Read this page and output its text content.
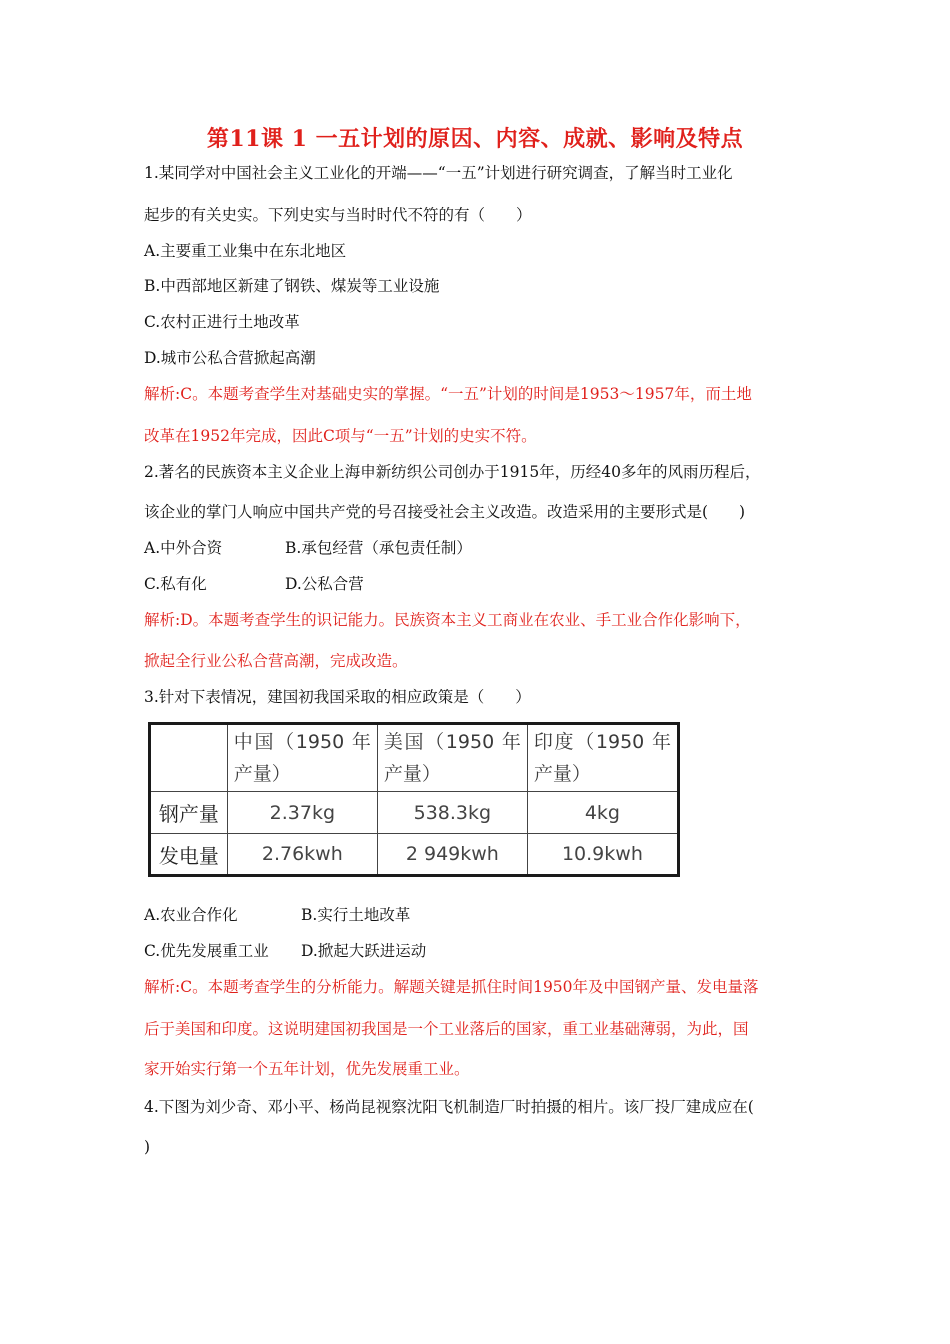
第11课 1 一五计划的原因、内容、成就、影响及特点
1.某同学对中国社会主义工业化的开端——“一五”计划进行研究调查，了解当时工业化
起步的有关史实。下列史实与当时时代不符的有（　　）
A.主要重工业集中在东北地区
B.中西部地区新建了钢铁、煤炭等工业设施
C.农村正进行土地改革
D.城市公私合营掀起高潮
解析:C。本题考查学生对基础史实的掌握。“一五”计划的时间是1953～1957年，而土地
改革在1952年完成，因此C项与“一五”计划的史实不符。
2.著名的民族资本主义企业上海申新纺织公司创办于1915年，历经40多年的风雨历程后，
该企业的掌门人响应中国共产党的号召接受社会主义改造。改造采用的主要形式是(　　)
A.中外合资	B.承包经营（承包责任制）
C.私有化	D.公私合营
解析:D。本题考查学生的识记能力。民族资本主义工商业在农业、手工业合作化影响下，
掀起全行业公私合营高潮，完成改造。
3.针对下表情况，建国初我国采取的相应政策是（　　）
	中国（1950 年产量）	美国（1950 年产量）	印度（1950 年产量）
钢产量	2.37kg	538.3kg	4kg
发电量	2.76kwh	2 949kwh	10.9kwh
A.农业合作化	B.实行土地改革
C.优先发展重工业 D.掀起大跃进运动
解析:C。本题考查学生的分析能力。解题关键是抓住时间1950年及中国钢产量、发电量落
后于美国和印度。这说明建国初我国是一个工业落后的国家，重工业基础薄弱，为此，国
家开始实行第一个五年计划，优先发展重工业。
4.下图为刘少奇、邓小平、杨尚昆视察沈阳飞机制造厂时拍摄的相片。该厂投厂建成应在(
)
